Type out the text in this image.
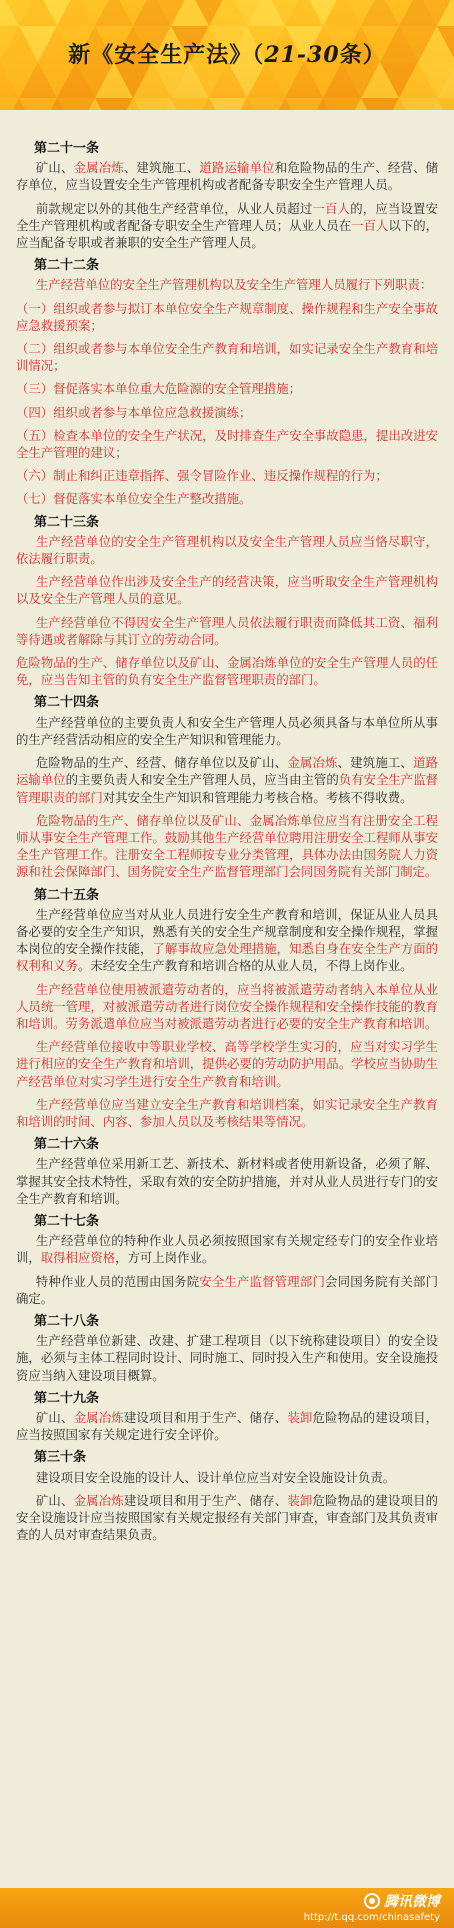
新《安全生产法》（21-30条）
第二十一条
矿山、金属冶炼、建筑施工、道路运输单位和危险物品的生产、经营、储存单位，应当设置安全生产管理机构或者配备专职安全生产管理人员。
前款规定以外的其他生产经营单位，从业人员超过一百人的，应当设置安全生产管理机构或者配备专职安全生产管理人员；从业人员在一百人以下的，应当配备专职或者兼职的安全生产管理人员。
第二十二条
生产经营单位的安全生产管理机构以及安全生产管理人员履行下列职责：
（一）组织或者参与拟订本单位安全生产规章制度、操作规程和生产安全事故应急救援预案；
（二）组织或者参与本单位安全生产教育和培训，如实记录安全生产教育和培训情况；
（三）督促落实本单位重大危险源的安全管理措施；
（四）组织或者参与本单位应急救援演练；
（五）检查本单位的安全生产状况，及时排查生产安全事故隐患，提出改进安全生产管理的建议；
（六）制止和纠正违章指挥、强令冒险作业、违反操作规程的行为；
（七）督促落实本单位安全生产整改措施。
第二十三条
生产经营单位的安全生产管理机构以及安全生产管理人员应当恪尽职守，依法履行职责。
生产经营单位作出涉及安全生产的经营决策，应当听取安全生产管理机构以及安全生产管理人员的意见。
生产经营单位不得因安全生产管理人员依法履行职责而降低其工资、福利等待遇或者解除与其订立的劳动合同。
危险物品的生产、储存单位以及矿山、金属冶炼单位的安全生产管理人员的任免，应当告知主管的负有安全生产监督管理职责的部门。
第二十四条
生产经营单位的主要负责人和安全生产管理人员必须具备与本单位所从事的生产经营活动相应的安全生产知识和管理能力。
危险物品的生产、经营、储存单位以及矿山、金属冶炼、建筑施工、道路运输单位的主要负责人和安全生产管理人员，应当由主管的负有安全生产监督管理职责的部门对其安全生产知识和管理能力考核合格。考核不得收费。
危险物品的生产、储存单位以及矿山、金属冶炼单位应当有注册安全工程师从事安全生产管理工作。鼓励其他生产经营单位聘用注册安全工程师从事安全生产管理工作。注册安全工程师按专业分类管理，具体办法由国务院人力资源和社会保障部门、国务院安全生产监督管理部门会同国务院有关部门制定。
第二十五条
生产经营单位应当对从业人员进行安全生产教育和培训，保证从业人员具备必要的安全生产知识，熟悉有关的安全生产规章制度和安全操作规程，掌握本岗位的安全操作技能，了解事故应急处理措施，知悉自身在安全生产方面的权利和义务。未经安全生产教育和培训合格的从业人员，不得上岗作业。
生产经营单位使用被派遣劳动者的，应当将被派遣劳动者纳入本单位从业人员统一管理，对被派遣劳动者进行岗位安全操作规程和安全操作技能的教育和培训。劳务派遣单位应当对被派遣劳动者进行必要的安全生产教育和培训。
生产经营单位接收中等职业学校、高等学校学生实习的，应当对实习学生进行相应的安全生产教育和培训，提供必要的劳动防护用品。学校应当协助生产经营单位对实习学生进行安全生产教育和培训。
生产经营单位应当建立安全生产教育和培训档案，如实记录安全生产教育和培训的时间、内容、参加人员以及考核结果等情况。
第二十六条
生产经营单位采用新工艺、新技术、新材料或者使用新设备，必须了解、掌握其安全技术特性，采取有效的安全防护措施，并对从业人员进行专门的安全生产教育和培训。
第二十七条
生产经营单位的特种作业人员必须按照国家有关规定经专门的安全作业培训，取得相应资格，方可上岗作业。
特种作业人员的范围由国务院安全生产监督管理部门会同国务院有关部门确定。
第二十八条
生产经营单位新建、改建、扩建工程项目（以下统称建设项目）的安全设施，必须与主体工程同时设计、同时施工、同时投入生产和使用。安全设施投资应当纳入建设项目概算。
第二十九条
矿山、金属冶炼建设项目和用于生产、储存、装卸危险物品的建设项目，应当按照国家有关规定进行安全评价。
第三十条
建设项目安全设施的设计人、设计单位应当对安全设施设计负责。
矿山、金属冶炼建设项目和用于生产、储存、装卸危险物品的建设项目的安全设施设计应当按照国家有关规定报经有关部门审查，审查部门及其负责审查的人员对审查结果负责。
腾讯微博
http://t.qq.com/chinasafety
